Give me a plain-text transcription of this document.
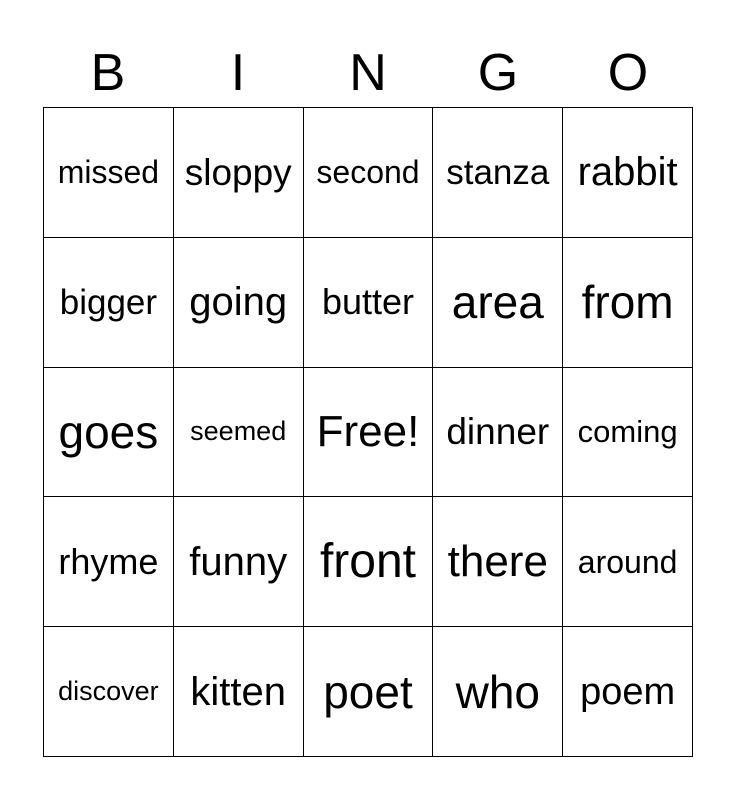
B	I	N	G	O
missed sloppy second stanza rabbit
bigger going butter area from
goes seemed Free! dinner coming
rhyme funny front there around
discover kitten poet who poem
